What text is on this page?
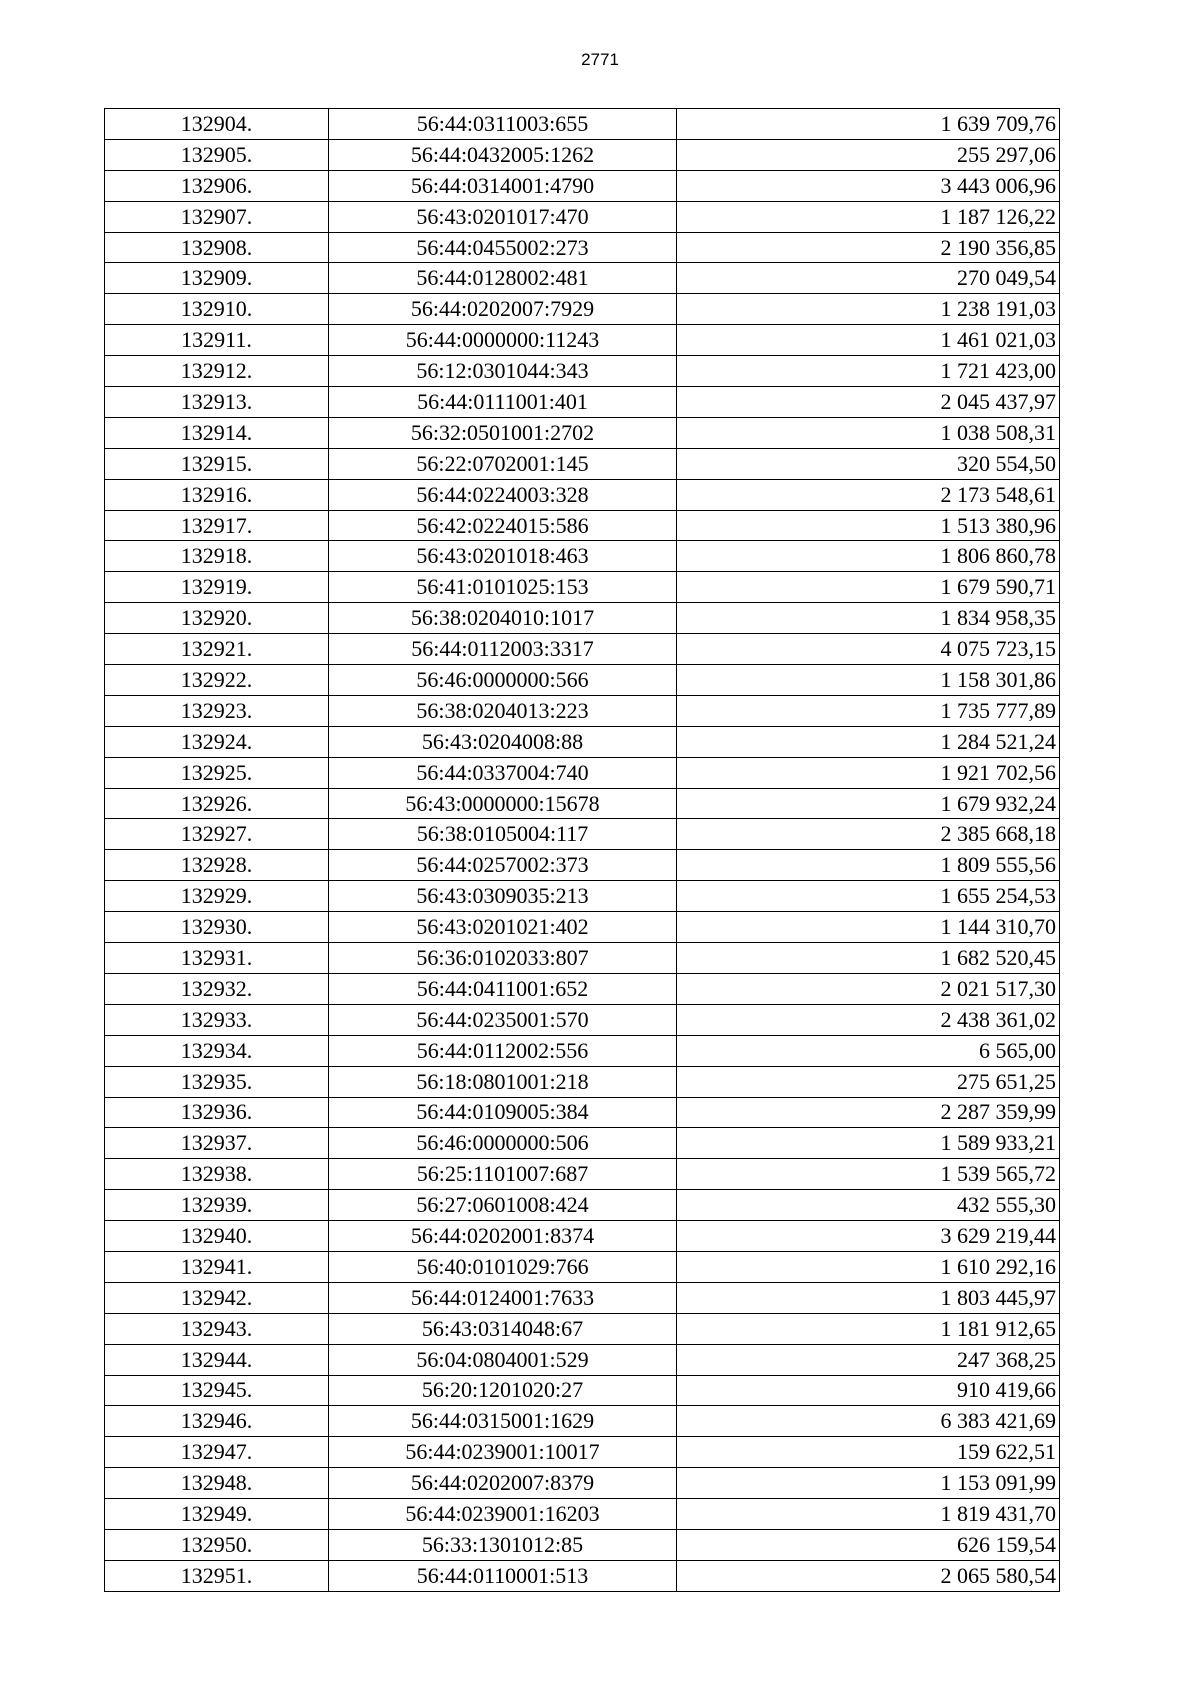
2771
132904.	56:44:0311003:655	1 639 709,76
132905.	56:44:0432005:1262	255 297,06
132906.	56:44:0314001:4790	3 443 006,96
132907.	56:43:0201017:470	1 187 126,22
132908.	56:44:0455002:273	2 190 356,85
132909.	56:44:0128002:481	270 049,54
132910.	56:44:0202007:7929	1 238 191,03
132911.	56:44:0000000:11243	1 461 021,03
132912.	56:12:0301044:343	1 721 423,00
132913.	56:44:0111001:401	2 045 437,97
132914.	56:32:0501001:2702	1 038 508,31
132915.	56:22:0702001:145	320 554,50
132916.	56:44:0224003:328	2 173 548,61
132917.	56:42:0224015:586	1 513 380,96
132918.	56:43:0201018:463	1 806 860,78
132919.	56:41:0101025:153	1 679 590,71
132920.	56:38:0204010:1017	1 834 958,35
132921.	56:44:0112003:3317	4 075 723,15
132922.	56:46:0000000:566	1 158 301,86
132923.	56:38:0204013:223	1 735 777,89
132924.	56:43:0204008:88	1 284 521,24
132925.	56:44:0337004:740	1 921 702,56
132926.	56:43:0000000:15678	1 679 932,24
132927.	56:38:0105004:117	2 385 668,18
132928.	56:44:0257002:373	1 809 555,56
132929.	56:43:0309035:213	1 655 254,53
132930.	56:43:0201021:402	1 144 310,70
132931.	56:36:0102033:807	1 682 520,45
132932.	56:44:0411001:652	2 021 517,30
132933.	56:44:0235001:570	2 438 361,02
132934.	56:44:0112002:556	6 565,00
132935.	56:18:0801001:218	275 651,25
132936.	56:44:0109005:384	2 287 359,99
132937.	56:46:0000000:506	1 589 933,21
132938.	56:25:1101007:687	1 539 565,72
132939.	56:27:0601008:424	432 555,30
132940.	56:44:0202001:8374	3 629 219,44
132941.	56:40:0101029:766	1 610 292,16
132942.	56:44:0124001:7633	1 803 445,97
132943.	56:43:0314048:67	1 181 912,65
132944.	56:04:0804001:529	247 368,25
132945.	56:20:1201020:27	910 419,66
132946.	56:44:0315001:1629	6 383 421,69
132947.	56:44:0239001:10017	159 622,51
132948.	56:44:0202007:8379	1 153 091,99
132949.	56:44:0239001:16203	1 819 431,70
132950.	56:33:1301012:85	626 159,54
132951.	56:44:0110001:513	2 065 580,54
